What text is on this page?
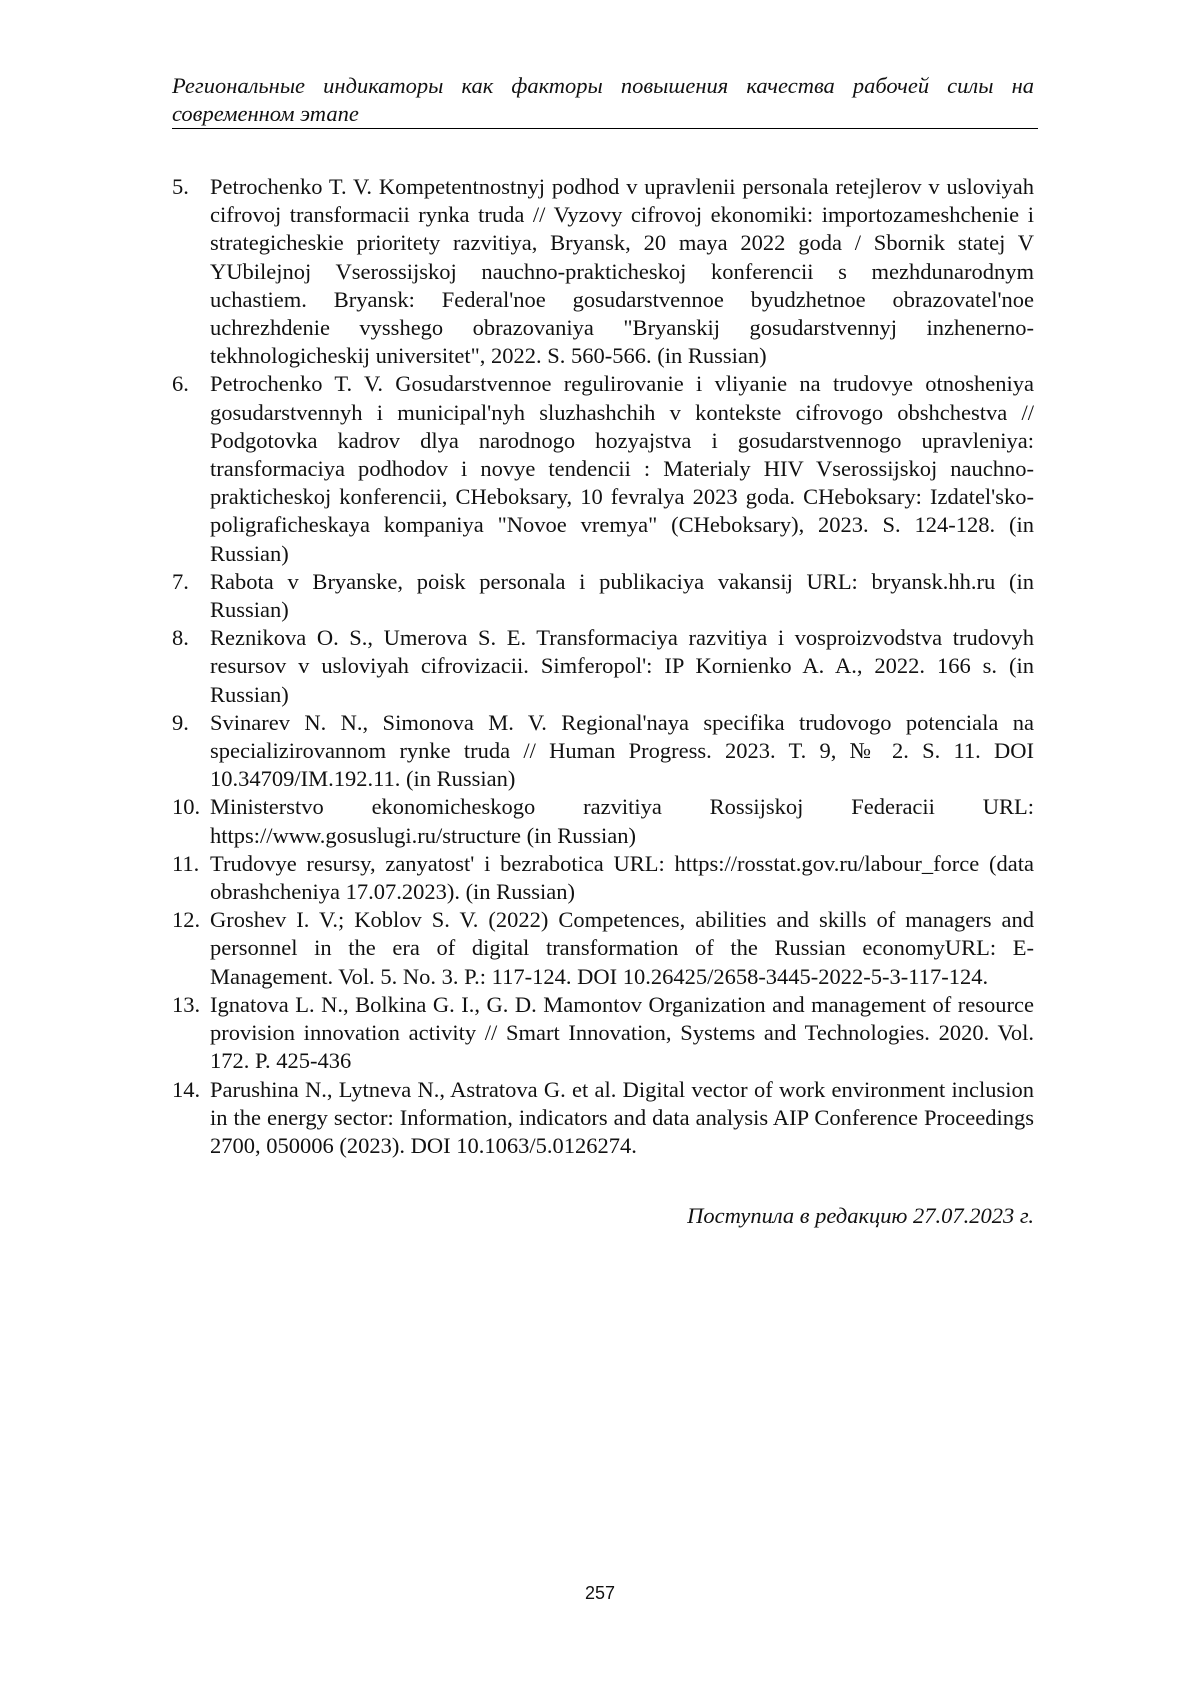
Региональные индикаторы как факторы повышения качества рабочей силы на современном этапе
5. Petrochenko T. V. Kompetentnostnyj podhod v upravlenii personala retejlerov v usloviyah cifrovoj transformacii rynka truda // Vyzovy cifrovoj ekonomiki: importozameshchenie i strategicheskie prioritety razvitiya, Bryansk, 20 maya 2022 goda / Sbornik statej V YUbilejnoj Vserossijskoj nauchno-prakticheskoj konferencii s mezhdunarodnym uchastiem. Bryansk: Federal'noe gosudarstvennoe byudzhetnoe obrazovatel'noe uchrezhdenie vysshego obrazovaniya "Bryanskij gosudarstvennyj inzhenerno-tekhnologicheskij universitet", 2022. S. 560-566. (in Russian)
6. Petrochenko T. V. Gosudarstvennoe regulirovanie i vliyanie na trudovye otnosheniya gosudarstvennyh i municipal'nyh sluzhashchih v kontekste cifrovogo obshchestva // Podgotovka kadrov dlya narodnogo hozyajstva i gosudarstvennogo upravleniya: transformaciya podhodov i novye tendencii : Materialy HIV Vserossijskoj nauchno-prakticheskoj konferencii, CHeboksary, 10 fevralya 2023 goda. CHeboksary: Izdatel'sko-poligraficheskaya kompaniya "Novoe vremya" (CHeboksary), 2023. S. 124-128. (in Russian)
7. Rabota v Bryanske, poisk personala i publikaciya vakansij URL: bryansk.hh.ru (in Russian)
8. Reznikova O. S., Umerova S. E. Transformaciya razvitiya i vosproizvodstva trudovyh resursov v usloviyah cifrovizacii. Simferopol': IP Kornienko A. A., 2022. 166 s. (in Russian)
9. Svinarev N. N., Simonova M. V. Regional'naya specifika trudovogo potenciala na specializirovannom rynke truda // Human Progress. 2023. T. 9, № 2. S. 11. DOI 10.34709/IM.192.11. (in Russian)
10. Ministerstvo ekonomicheskogo razvitiya Rossijskoj Federacii URL: https://www.gosuslugi.ru/structure (in Russian)
11. Trudovye resursy, zanyatost' i bezrabotica URL: https://rosstat.gov.ru/labour_force (data obrashcheniya 17.07.2023). (in Russian)
12. Groshev I. V.; Koblov S. V. (2022) Competences, abilities and skills of managers and personnel in the era of digital transformation of the Russian economyURL: E-Management. Vol. 5. No. 3. P.: 117-124. DOI 10.26425/2658-3445-2022-5-3-117-124.
13. Ignatova L. N., Bolkina G. I., G. D. Mamontov Organization and management of resource provision innovation activity // Smart Innovation, Systems and Technologies. 2020. Vol. 172. P. 425-436
14. Parushina N., Lytneva N., Astratova G. et al. Digital vector of work environment inclusion in the energy sector: Information, indicators and data analysis AIP Conference Proceedings 2700, 050006 (2023). DOI 10.1063/5.0126274.
Поступила в редакцию 27.07.2023 г.
257
